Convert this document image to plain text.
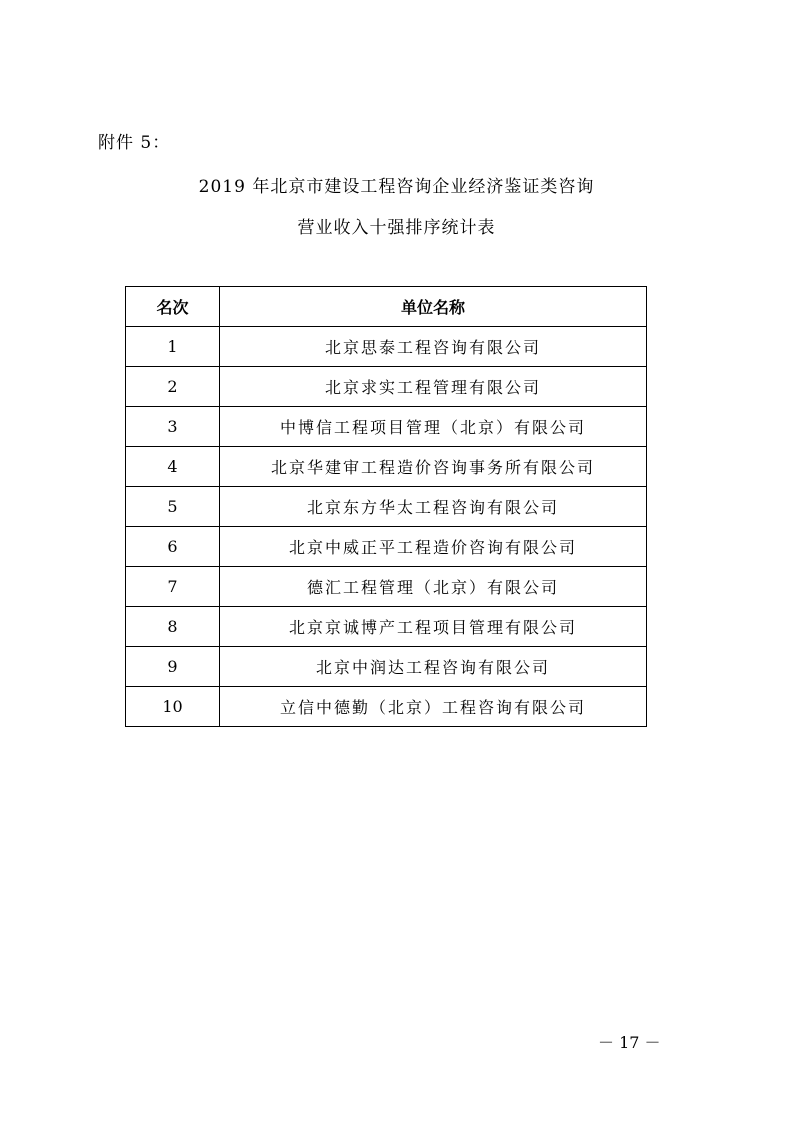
附件 5：
2019 年北京市建设工程咨询企业经济鉴证类咨询
营业收入十强排序统计表
名次	单位名称
1	北京思泰工程咨询有限公司
2	北京求实工程管理有限公司
3	中博信工程项目管理（北京）有限公司
4	北京华建审工程造价咨询事务所有限公司
5	北京东方华太工程咨询有限公司
6	北京中威正平工程造价咨询有限公司
7	德汇工程管理（北京）有限公司
8	北京京诚博产工程项目管理有限公司
9	北京中润达工程咨询有限公司
10	立信中德勤（北京）工程咨询有限公司
－ 17 －
